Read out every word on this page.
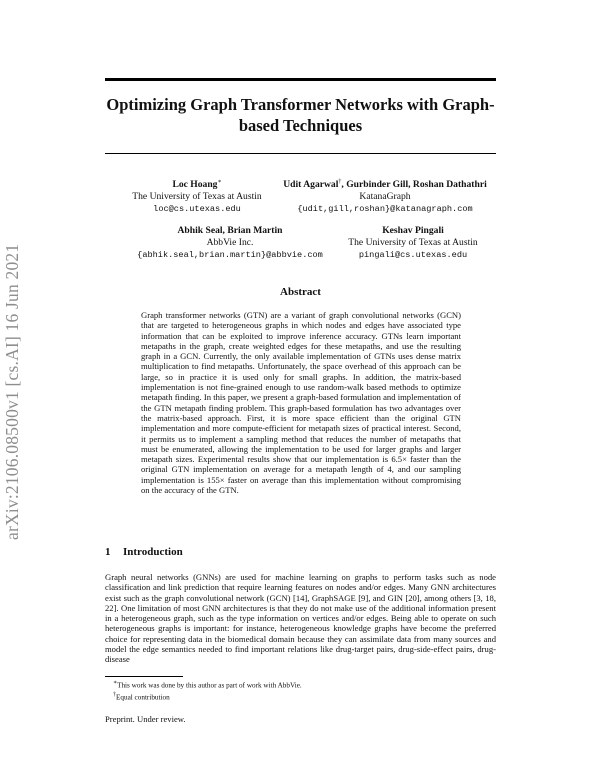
arXiv:2106.08500v1 [cs.AI] 16 Jun 2021
Optimizing Graph Transformer Networks with Graph-based Techniques
Loc Hoang∗
The University of Texas at Austin
loc@cs.utexas.edu
Udit Agarwal†, Gurbinder Gill, Roshan Dathathri
KatanaGraph
{udit,gill,roshan}@katanagraph.com
Abhik Seal, Brian Martin
AbbVie Inc.
{abhik.seal,brian.martin}@abbvie.com
Keshav Pingali
The University of Texas at Austin
pingali@cs.utexas.edu
Abstract

Graph transformer networks (GTN) are a variant of graph convolutional networks (GCN) that are targeted to heterogeneous graphs in which nodes and edges have associated type information that can be exploited to improve inference accuracy. GTNs learn important metapaths in the graph, create weighted edges for these metapaths, and use the resulting graph in a GCN. Currently, the only available implementation of GTNs uses dense matrix multiplication to find metapaths. Unfortunately, the space overhead of this approach can be large, so in practice it is used only for small graphs. In addition, the matrix-based implementation is not fine-grained enough to use random-walk based methods to optimize metapath finding. In this paper, we present a graph-based formulation and implementation of the GTN metapath finding problem. This graph-based formulation has two advantages over the matrix-based approach. First, it is more space efficient than the original GTN implementation and more compute-efficient for metapath sizes of practical interest. Second, it permits us to implement a sampling method that reduces the number of metapaths that must be enumerated, allowing the implementation to be used for larger graphs and larger metapath sizes. Experimental results show that our implementation is 6.5× faster than the original GTN implementation on average for a metapath length of 4, and our sampling implementation is 155× faster on average than this implementation without compromising on the accuracy of the GTN.

1 Introduction

Graph neural networks (GNNs) are used for machine learning on graphs to perform tasks such as node classification and link prediction that require learning features on nodes and/or edges. Many GNN architectures exist such as the graph convolutional network (GCN) [14], GraphSAGE [9], and GIN [20], among others [3, 18, 22]. One limitation of most GNN architectures is that they do not make use of the additional information present in a heterogeneous graph, such as the type information on vertices and/or edges. Being able to operate on such heterogeneous graphs is important: for instance, heterogeneous knowledge graphs have become the preferred choice for representing data in the biomedical domain because they can assimilate data from many sources and model the edge semantics needed to find important relations like drug-target pairs, drug-side-effect pairs, drug-disease

∗This work was done by this author as part of work with AbbVie.
†Equal contribution
Preprint. Under review.
